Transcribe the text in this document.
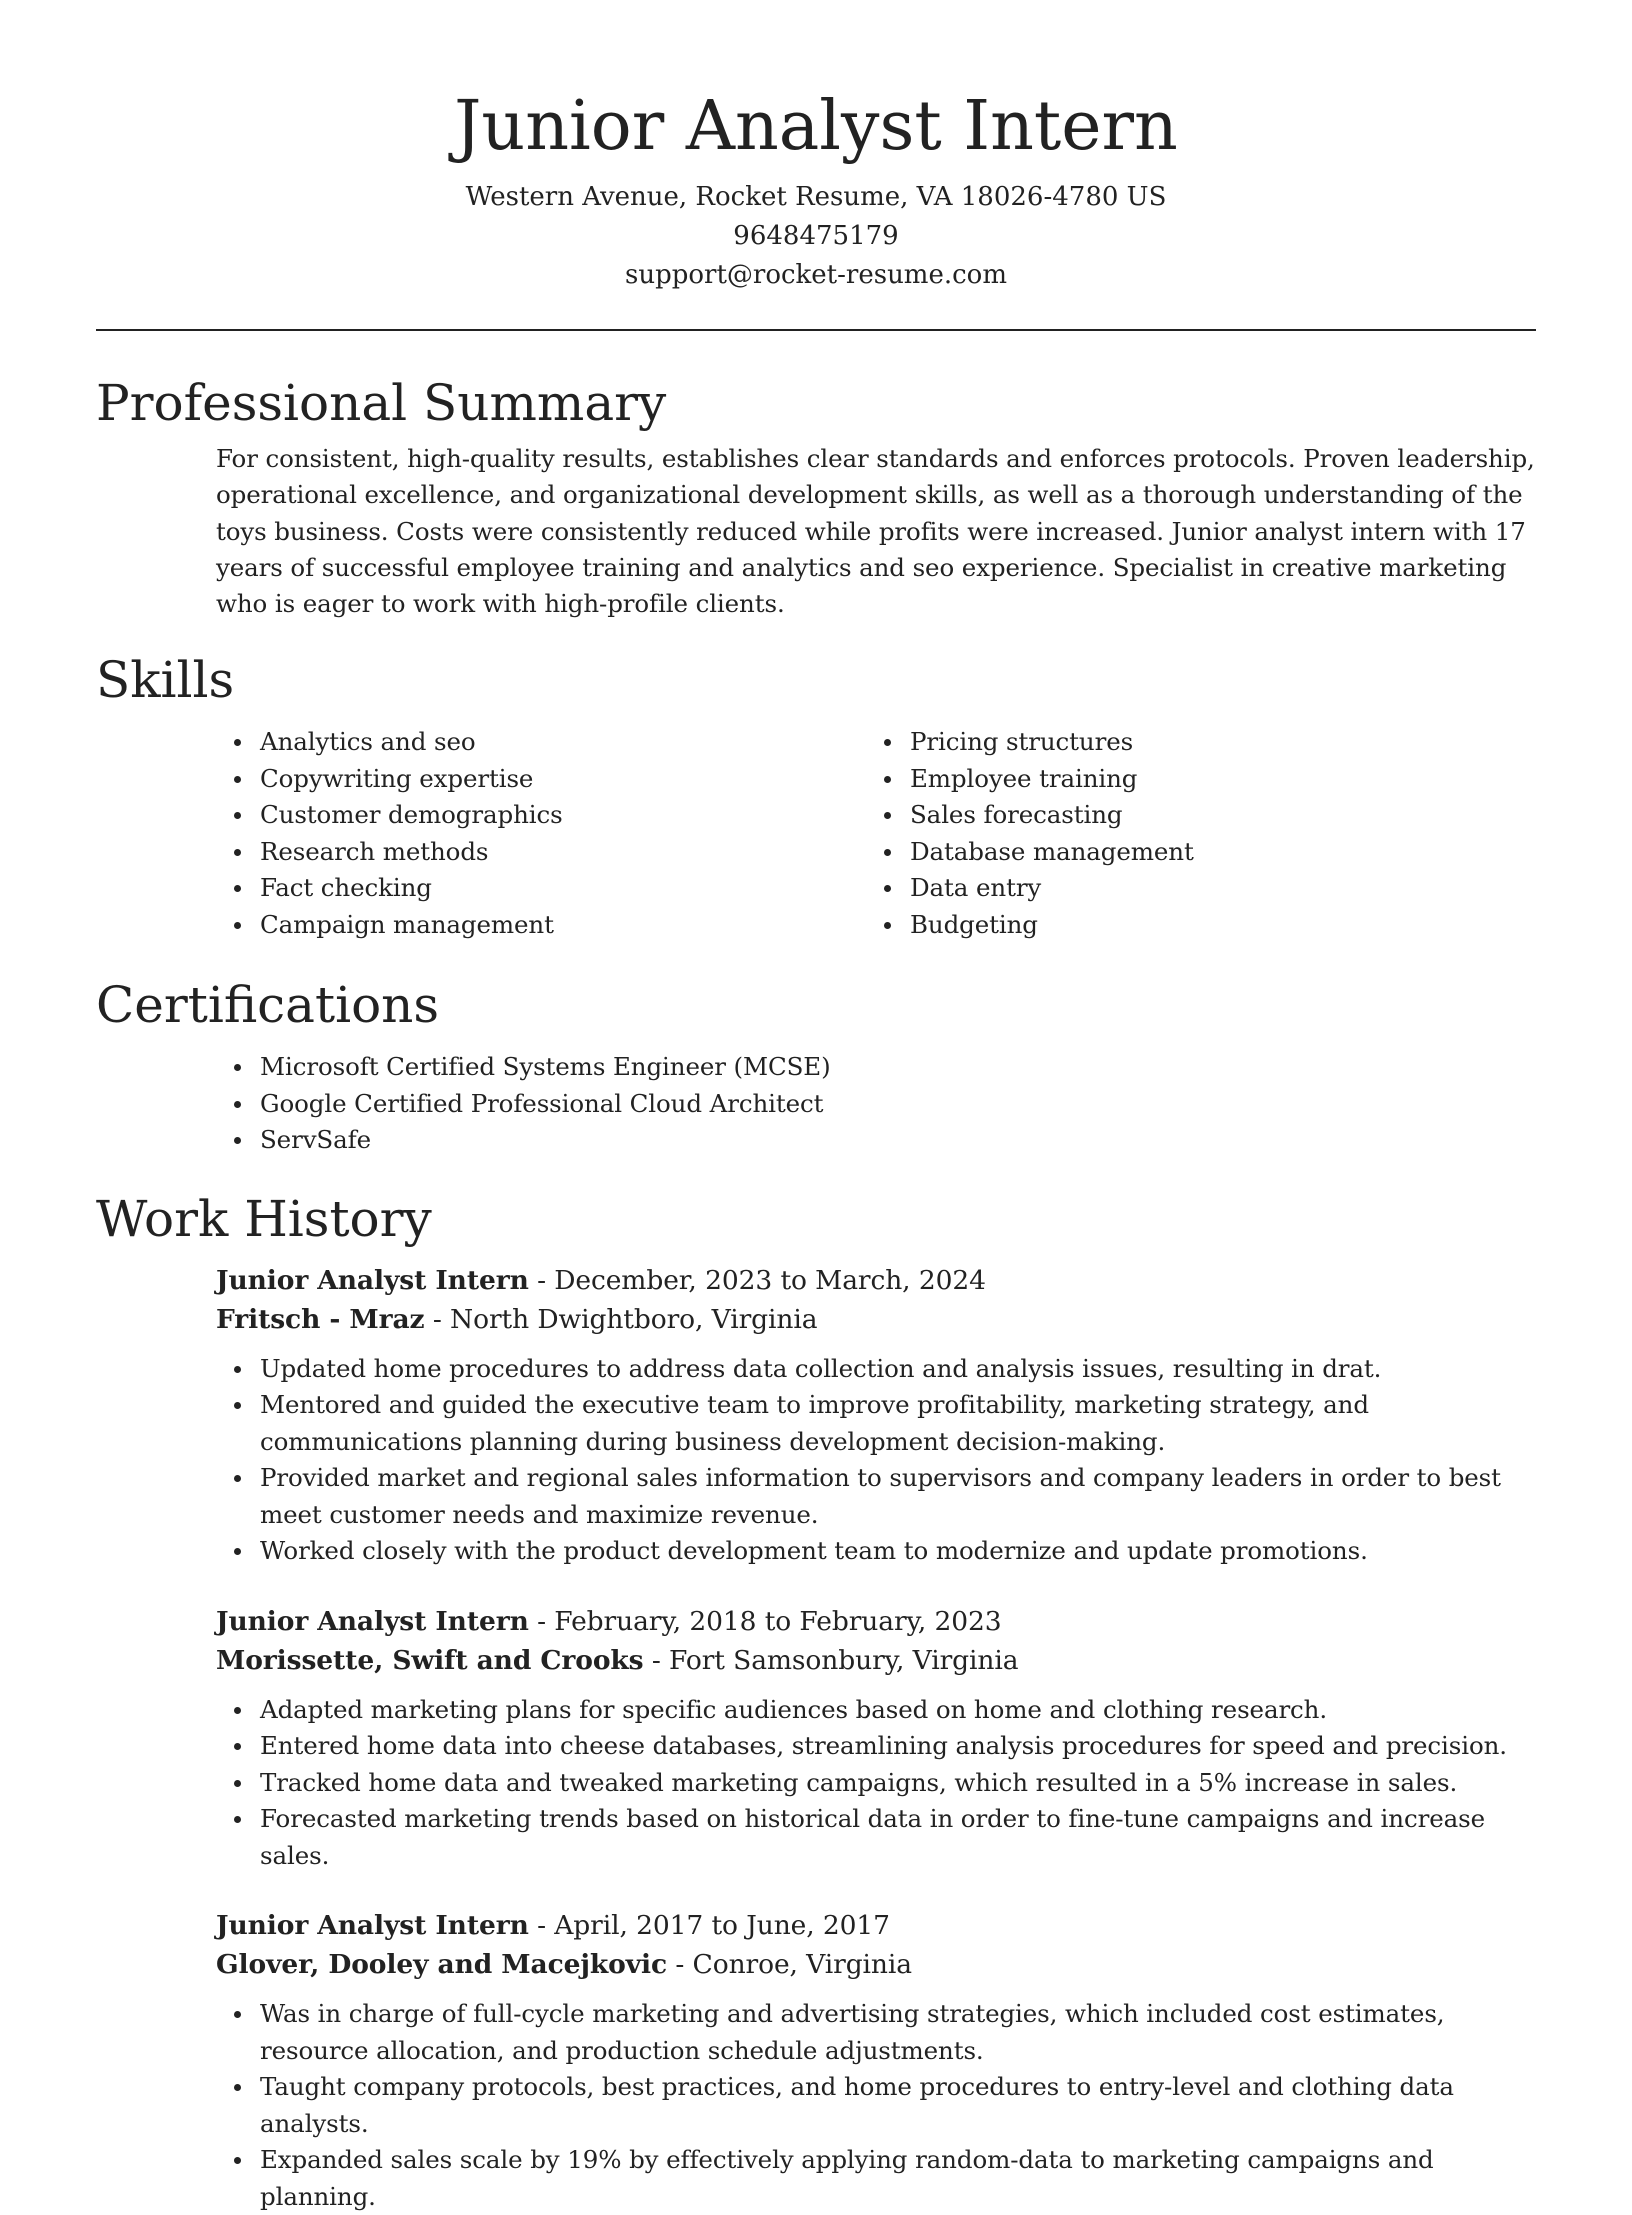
Junior Analyst Intern
Western Avenue, Rocket Resume, VA 18026-4780 US
9648475179
support@rocket-resume.com
Professional Summary

For consistent, high-quality results, establishes clear standards and enforces protocols. Proven leadership, operational excellence, and organizational development skills, as well as a thorough understanding of the toys business. Costs were consistently reduced while profits were increased. Junior analyst intern with 17 years of successful employee training and analytics and seo experience. Specialist in creative marketing who is eager to work with high-profile clients.

Skills
Analytics and seo
Copywriting expertise
Customer demographics
Research methods
Fact checking
Campaign management
Pricing structures
Employee training
Sales forecasting
Database management
Data entry
Budgeting
Certifications
Microsoft Certified Systems Engineer (MCSE)
Google Certified Professional Cloud Architect
ServSafe
Work History
Junior Analyst Intern - December, 2023 to March, 2024
Fritsch - Mraz - North Dwightboro, Virginia
Updated home procedures to address data collection and analysis issues, resulting in drat.
Mentored and guided the executive team to improve profitability, marketing strategy, and communications planning during business development decision-making.
Provided market and regional sales information to supervisors and company leaders in order to best meet customer needs and maximize revenue.
Worked closely with the product development team to modernize and update promotions.
Junior Analyst Intern - February, 2018 to February, 2023
Morissette, Swift and Crooks - Fort Samsonbury, Virginia
Adapted marketing plans for specific audiences based on home and clothing research.
Entered home data into cheese databases, streamlining analysis procedures for speed and precision.
Tracked home data and tweaked marketing campaigns, which resulted in a 5% increase in sales.
Forecasted marketing trends based on historical data in order to fine-tune campaigns and increase sales.
Junior Analyst Intern - April, 2017 to June, 2017
Glover, Dooley and Macejkovic - Conroe, Virginia
Was in charge of full-cycle marketing and advertising strategies, which included cost estimates, resource allocation, and production schedule adjustments.
Taught company protocols, best practices, and home procedures to entry-level and clothing data analysts.
Expanded sales scale by 19% by effectively applying random-data to marketing campaigns and planning.
